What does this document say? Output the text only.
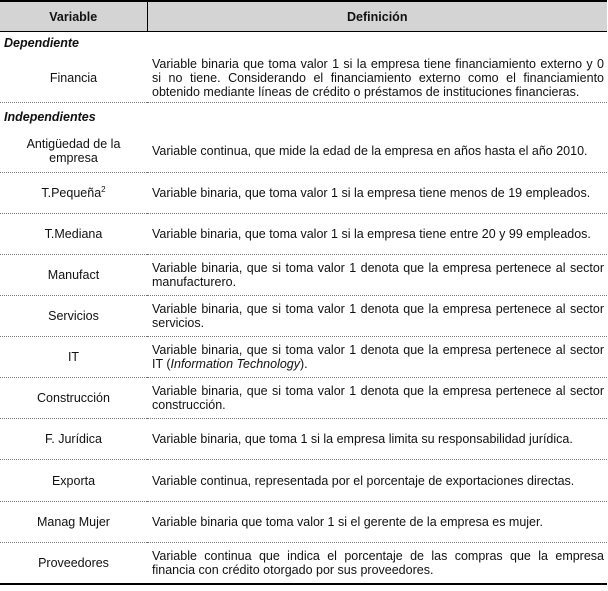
Variable	Definición
Dependiente	
Financia	Variable binaria que toma valor 1 si la empresa tiene financiamiento externo y 0 si no tiene. Considerando el financiamiento externo como el financiamiento obtenido mediante líneas de crédito o préstamos de instituciones financieras.
Independientes	
Antigüedad de la empresa	Variable continua, que mide la edad de la empresa en años hasta el año 2010.
T.Pequeña$^2$	Variable binaria, que toma valor 1 si la empresa tiene menos de 19 empleados.
T.Mediana	Variable binaria, que toma valor 1 si la empresa tiene entre 20 y 99 empleados.
Manufact	Variable binaria, que si toma valor 1 denota que la empresa pertenece al sector manufacturero.
Servicios	Variable binaria, que si toma valor 1 denota que la empresa pertenece al sector servicios.
IT	Variable binaria, que si toma valor 1 denota que la empresa pertenece al sector IT (Information Technology).
Construcción	Variable binaria, que si toma valor 1 denota que la empresa pertenece al sector construcción.
F. Jurídica	Variable binaria, que toma 1 si la empresa limita su responsabilidad jurídica.
Exporta	Variable continua, representada por el porcentaje de exportaciones directas.
Manag Mujer	Variable binaria que toma valor 1 si el gerente de la empresa es mujer.
Proveedores	Variable continua que indica el porcentaje de las compras que la empresa financia con crédito otorgado por sus proveedores.
